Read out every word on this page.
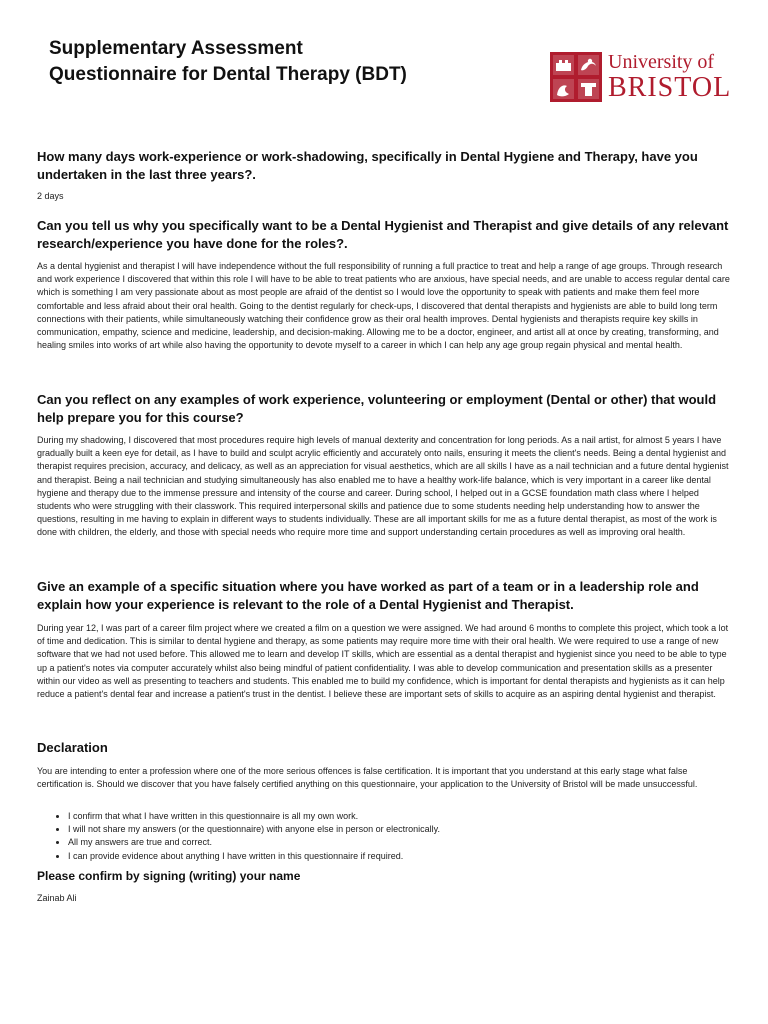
Supplementary Assessment Questionnaire for Dental Therapy (BDT)
University of
BRISTOL
How many days work-experience or work-shadowing, specifically in Dental Hygiene and Therapy, have you undertaken in the last three years?.

2 days

Can you tell us why you specifically want to be a Dental Hygienist and Therapist and give details of any relevant research/experience you have done for the roles?.

As a dental hygienist and therapist I will have independence without the full responsibility of running a full practice to treat and help a range of age groups. Through research and work experience I discovered that within this role I will have to be able to treat patients who are anxious, have special needs, and are unable to access regular dental care which is something I am very passionate about as most people are afraid of the dentist so I would love the opportunity to speak with patients and make them feel more comfortable and less afraid about their oral health. Going to the dentist regularly for check-ups, I discovered that dental therapists and hygienists are able to build long term connections with their patients, while simultaneously watching their confidence grow as their oral health improves. Dental hygienists and therapists require key skills in communication, empathy, science and medicine, leadership, and decision-making. Allowing me to be a doctor, engineer, and artist all at once by creating, transforming, and healing smiles into works of art while also having the opportunity to devote myself to a career in which I can help any age group regain physical and mental health.

Can you reflect on any examples of work experience, volunteering or employment (Dental or other) that would help prepare you for this course?

During my shadowing, I discovered that most procedures require high levels of manual dexterity and concentration for long periods. As a nail artist, for almost 5 years I have gradually built a keen eye for detail, as I have to build and sculpt acrylic efficiently and accurately onto nails, ensuring it meets the client's needs. Being a dental hygienist and therapist requires precision, accuracy, and delicacy, as well as an appreciation for visual aesthetics, which are all skills I have as a nail technician and a future dental hygienist and therapist. Being a nail technician and studying simultaneously has also enabled me to have a healthy work-life balance, which is very important in a career like dental hygiene and therapy due to the immense pressure and intensity of the course and career. During school, I helped out in a GCSE foundation math class where I helped students who were struggling with their classwork. This required interpersonal skills and patience due to some students needing help understanding how to answer the questions, resulting in me having to explain in different ways to students individually. These are all important skills for me as a future dental therapist, as most of the work is done with children, the elderly, and those with special needs who require more time and support understanding certain procedures as well as improving oral health.

Give an example of a specific situation where you have worked as part of a team or in a leadership role and explain how your experience is relevant to the role of a Dental Hygienist and Therapist.

During year 12, I was part of a career film project where we created a film on a question we were assigned. We had around 6 months to complete this project, which took a lot of time and dedication. This is similar to dental hygiene and therapy, as some patients may require more time with their oral health. We were required to use a range of new software that we had not used before. This allowed me to learn and develop IT skills, which are essential as a dental therapist and hygienist since you need to be able to type up a patient's notes via computer accurately whilst also being mindful of patient confidentiality. I was able to develop communication and presentation skills as a presenter within our video as well as presenting to teachers and students. This enabled me to build my confidence, which is important for dental therapists and hygienists as it can help reduce a patient's dental fear and increase a patient's trust in the dentist. I believe these are important sets of skills to acquire as an aspiring dental hygienist and therapist.

Declaration

You are intending to enter a profession where one of the more serious offences is false certification. It is important that you understand at this early stage what false certification is. Should we discover that you have falsely certified anything on this questionnaire, your application to the University of Bristol will be made unsuccessful.

• I confirm that what I have written in this questionnaire is all my own work.
• I will not share my answers (or the questionnaire) with anyone else in person or electronically.
• All my answers are true and correct.
• I can provide evidence about anything I have written in this questionnaire if required.
Please confirm by signing (writing) your name

Zainab Ali
